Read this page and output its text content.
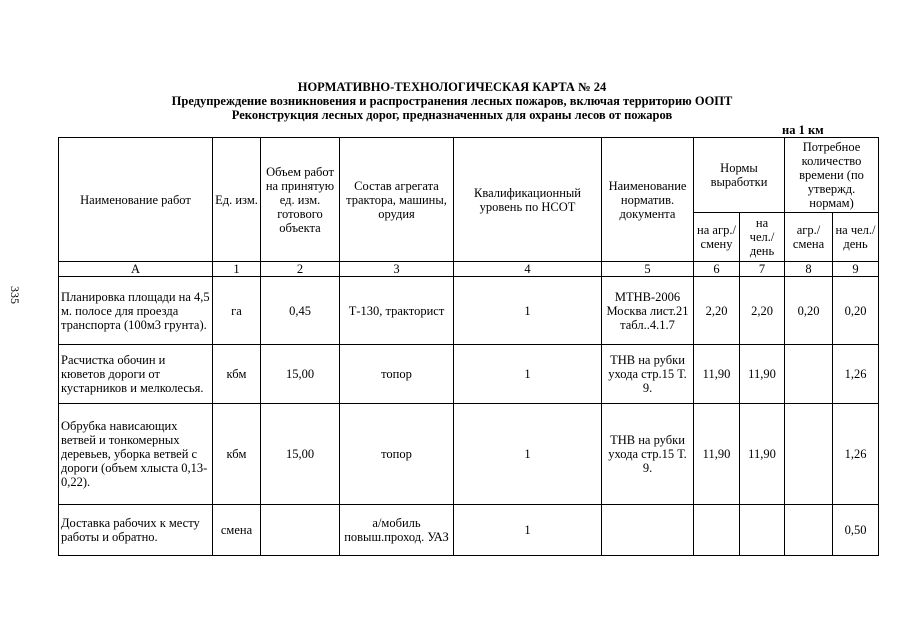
335
НОРМАТИВНО-ТЕХНОЛОГИЧЕСКАЯ КАРТА № 24
Предупреждение возникновения и распространения лесных пожаров, включая территорию ООПТ
Реконструкция лесных дорог, предназначенных для охраны лесов от пожаров
на 1 км
Наименование работ	Ед. изм.	Объем работ на принятую ед. изм. готового объекта	Состав агрегата трактора, машины, орудия	Квалификационный уровень по НСОТ	Наименование норматив. документа	Нормы выработки		Потребное количество времени (по утвержд. нормам)	
						на агр./ смену	на чел./ день	агр./ смена	на чел./ день
А	1	2	3	4	5	6	7	8	9
Планировка площади на 4,5 м. полосе для проезда транспорта (100м3 грунта).	га	0,45	Т-130, тракторист	1	МТНВ-2006 Москва лист.21 табл..4.1.7	2,20	2,20	0,20	0,20
Расчистка обочин и кюветов дороги от кустарников и мелколесья.	кбм	15,00	топор	1	ТНВ на рубки ухода стр.15 Т. 9.	11,90	11,90		1,26
Обрубка нависающих ветвей и тонкомерных деревьев, уборка ветвей с дороги (объем хлыста 0,13-0,22).	кбм	15,00	топор	1	ТНВ на рубки ухода стр.15 Т. 9.	11,90	11,90		1,26
Доставка рабочих к месту работы и обратно.	смена		а/мобиль повыш.проход. УАЗ	1					0,50
